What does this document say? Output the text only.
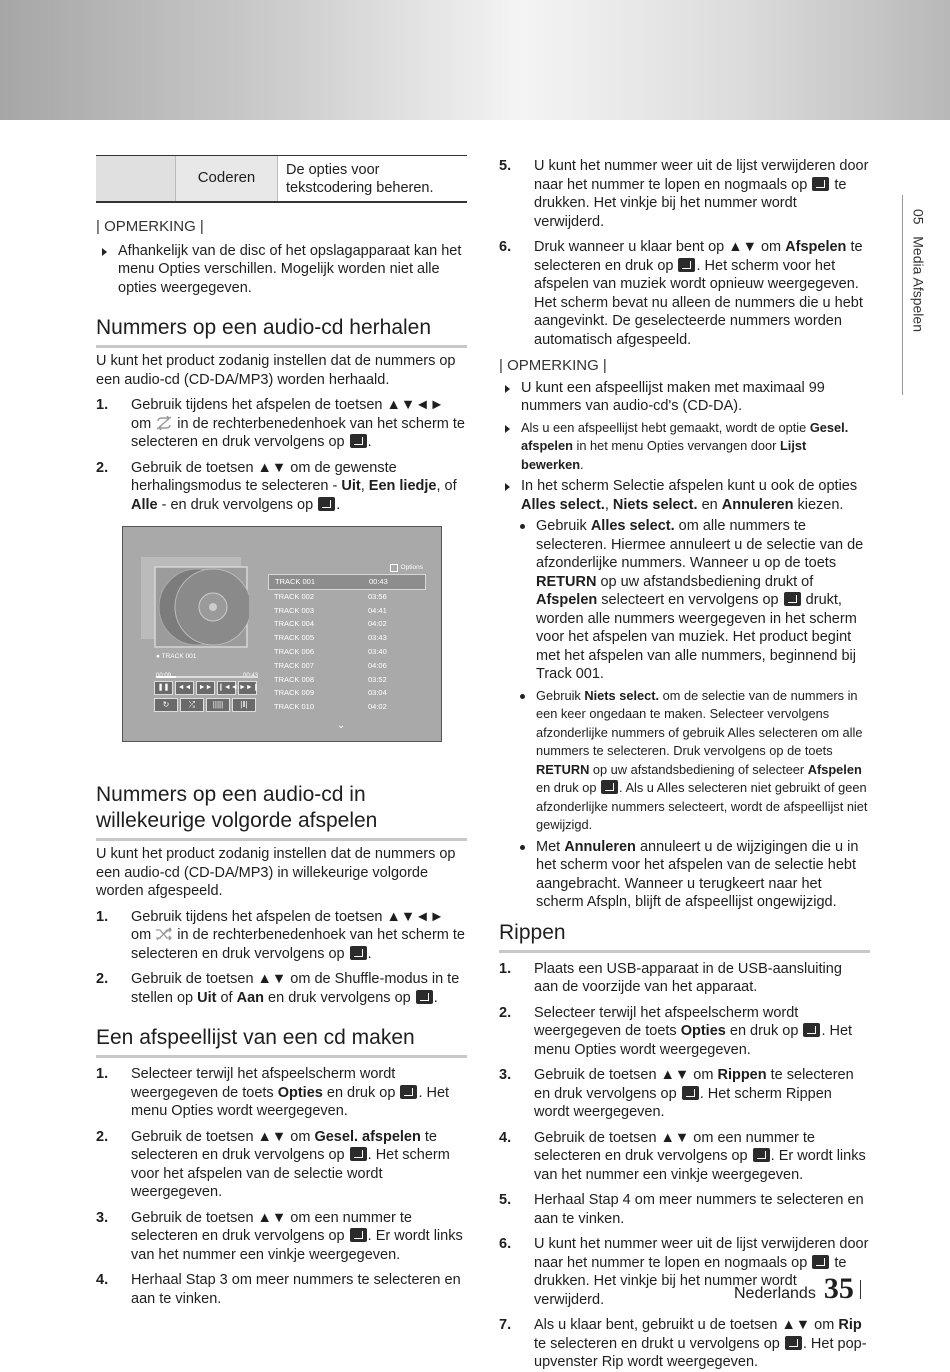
05   Media Afspelen
Coderen	De opties voor tekstcodering beheren.
| OPMERKING |
Afhankelijk van de disc of het opslagapparaat kan het menu Opties verschillen. Mogelijk worden niet alle opties weergegeven.
Nummers op een audio-cd herhalen

U kunt het product zodanig instellen dat de nummers op een audio-cd (CD-DA/MP3) worden herhaald.

1. Gebruik tijdens het afspelen de toetsen ▲▼◄► om in de rechterbenedenhoek van het scherm te selecteren en druk vervolgens op .
2. Gebruik de toetsen ▲▼ om de gewenste herhalingsmodus te selecteren - Uit, Een liedje, of Alle - en druk vervolgens op .
Options
● TRACK 001
❚❚	◄◄	►► ❙◄◄ ►►❙
↻	⤮	|||||	|‖|
TRACK 001	00:43
TRACK 002	03:56
TRACK 003	04:41
TRACK 004	04:02
TRACK 005	03:43
TRACK 006	03:40
TRACK 007	04:06
TRACK 008	03:52
TRACK 009	03:04
TRACK 010	04:02
⌄
Nummers op een audio-cd in willekeurige volgorde afspelen

U kunt het product zodanig instellen dat de nummers op een audio-cd (CD-DA/MP3) in willekeurige volgorde worden afgespeeld.

1. Gebruik tijdens het afspelen de toetsen ▲▼◄► om in de rechterbenedenhoek van het scherm te selecteren en druk vervolgens op .
2. Gebruik de toetsen ▲▼ om de Shuffle-modus in te stellen op Uit of Aan en druk vervolgens op .
Een afspeellijst van een cd maken
1. Selecteer terwijl het afspeelscherm wordt weergegeven de toets Opties en druk op . Het menu Opties wordt weergegeven.
2. Gebruik de toetsen ▲▼ om Gesel. afspelen te selecteren en druk vervolgens op . Het scherm voor het afspelen van de selectie wordt weergegeven.
3. Gebruik de toetsen ▲▼ om een nummer te selecteren en druk vervolgens op . Er wordt links van het nummer een vinkje weergegeven.
4. Herhaal Stap 3 om meer nummers te selecteren en aan te vinken.
5. U kunt het nummer weer uit de lijst verwijderen door naar het nummer te lopen en nogmaals op te drukken. Het vinkje bij het nummer wordt verwijderd.
6. Druk wanneer u klaar bent op ▲▼ om Afspelen te selecteren en druk op . Het scherm voor het afspelen van muziek wordt opnieuw weergegeven. Het scherm bevat nu alleen de nummers die u hebt aangevinkt. De geselecteerde nummers worden automatisch afgespeeld.
| OPMERKING |
U kunt een afspeellijst maken met maximaal 99 nummers van audio-cd's (CD-DA).
Als u een afspeellijst hebt gemaakt, wordt de optie Gesel. afspelen in het menu Opties vervangen door Lijst bewerken.
In het scherm Selectie afspelen kunt u ook de opties Alles select., Niets select. en Annuleren kiezen.
Gebruik Alles select. om alle nummers te selecteren. Hiermee annuleert u de selectie van de afzonderlijke nummers. Wanneer u op de toets RETURN op uw afstandsbediening drukt of Afspelen selecteert en vervolgens op drukt, worden alle nummers weergegeven in het scherm voor het afspelen van muziek. Het product begint met het afspelen van alle nummers, beginnend bij Track 001.
Gebruik Niets select. om de selectie van de nummers in een keer ongedaan te maken. Selecteer vervolgens afzonderlijke nummers of gebruik Alles selecteren om alle nummers te selecteren. Druk vervolgens op de toets RETURN op uw afstandsbediening of selecteer Afspelen en druk op . Als u Alles selecteren niet gebruikt of geen afzonderlijke nummers selecteert, wordt de afspeellijst niet gewijzigd.
Met Annuleren annuleert u de wijzigingen die u in het scherm voor het afspelen van de selectie hebt aangebracht. Wanneer u terugkeert naar het scherm Afspln, blijft de afspeellijst ongewijzigd.
Rippen
1. Plaats een USB-apparaat in de USB-aansluiting aan de voorzijde van het apparaat.
2. Selecteer terwijl het afspeelscherm wordt weergegeven de toets Opties en druk op . Het menu Opties wordt weergegeven.
3. Gebruik de toetsen ▲▼ om Rippen te selecteren en druk vervolgens op . Het scherm Rippen wordt weergegeven.
4. Gebruik de toetsen ▲▼ om een nummer te selecteren en druk vervolgens op . Er wordt links van het nummer een vinkje weergegeven.
5. Herhaal Stap 4 om meer nummers te selecteren en aan te vinken.
6. U kunt het nummer weer uit de lijst verwijderen door naar het nummer te lopen en nogmaals op te drukken. Het vinkje bij het nummer wordt verwijderd.
7. Als u klaar bent, gebruikt u de toetsen ▲▼ om Rip te selecteren en drukt u vervolgens op . Het pop-upvenster Rip wordt weergegeven.
Nederlands 35
